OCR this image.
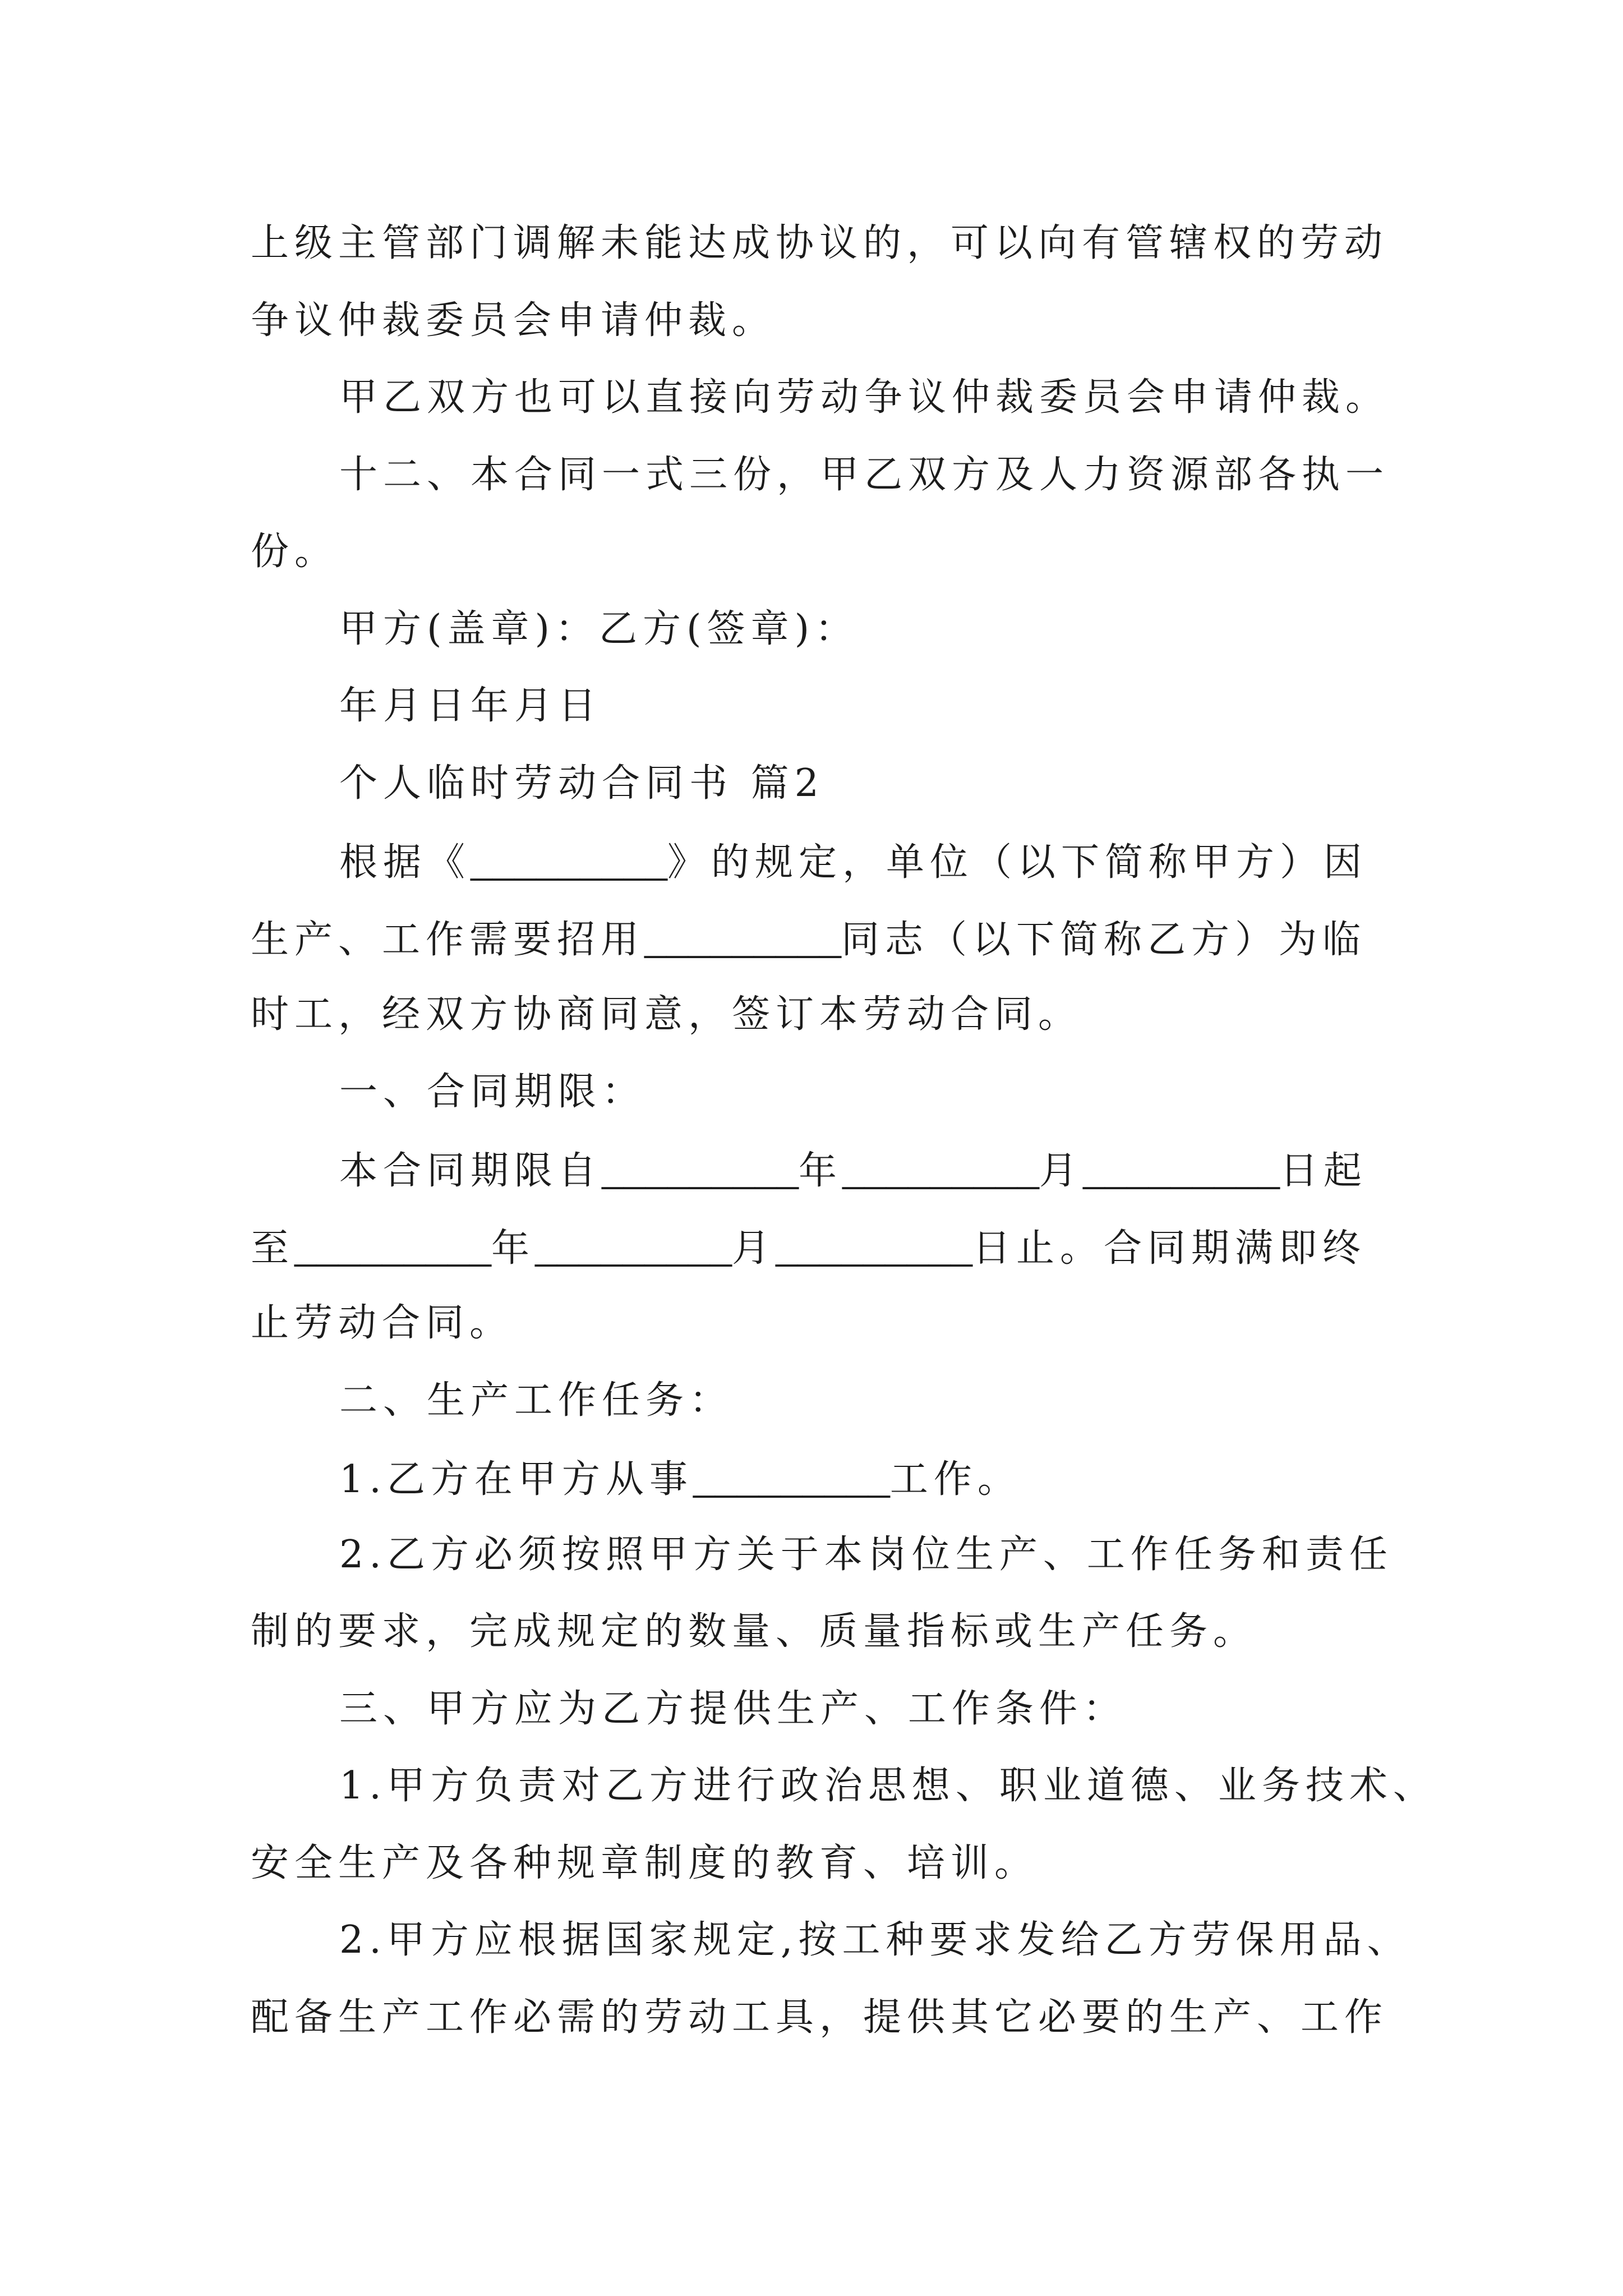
上级主管部门调解未能达成协议的，可以向有管辖权的劳动
争议仲裁委员会申请仲裁。
甲乙双方也可以直接向劳动争议仲裁委员会申请仲裁。
十二、本合同一式三份，甲乙双方及人力资源部各执一
份。
甲方(盖章)：乙方(签章)：
年月日年月日
个人临时劳动合同书 篇2
根据《_________》的规定，单位（以下简称甲方）因
生产、工作需要招用_________同志（以下简称乙方）为临
时工，经双方协商同意，签订本劳动合同。
一、合同期限：
本合同期限自_________年_________月_________日起
至_________年_________月_________日止。合同期满即终
止劳动合同。
二、生产工作任务：
1.乙方在甲方从事_________工作。
2.乙方必须按照甲方关于本岗位生产、工作任务和责任
制的要求，完成规定的数量、质量指标或生产任务。
三、甲方应为乙方提供生产、工作条件：
1.甲方负责对乙方进行政治思想、职业道德、业务技术、
安全生产及各种规章制度的教育、培训。
2.甲方应根据国家规定,按工种要求发给乙方劳保用品、
配备生产工作必需的劳动工具，提供其它必要的生产、工作
